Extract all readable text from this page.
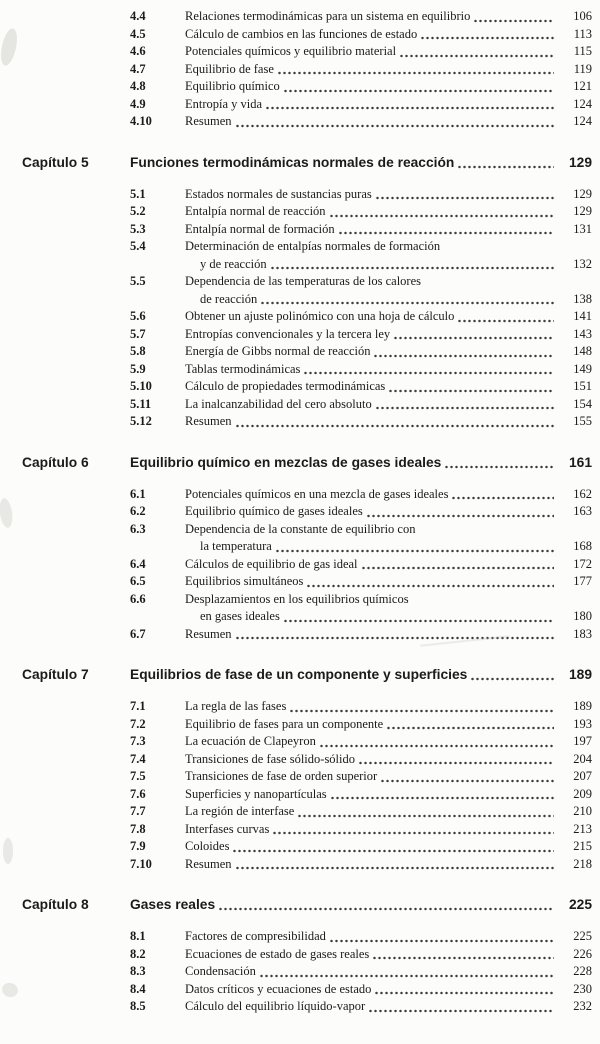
4.4	Relaciones termodinámicas para un sistema en equilibrio	106
4.5	Cálculo de cambios en las funciones de estado	113
4.6	Potenciales químicos y equilibrio material	115
4.7	Equilibrio de fase	119
4.8	Equilibrio químico	121
4.9	Entropía y vida	124
4.10	Resumen	124
Capítulo 5	Funciones termodinámicas normales de reacción	129
5.1	Estados normales de sustancias puras	129
5.2	Entalpía normal de reacción	129
5.3	Entalpía normal de formación	131
5.4	Determinación de entalpías normales de formación
y de reacción	132
5.5	Dependencia de las temperaturas de los calores
de reacción	138
5.6	Obtener un ajuste polinómico con una hoja de cálculo	141
5.7	Entropías convencionales y la tercera ley	143
5.8	Energía de Gibbs normal de reacción	148
5.9	Tablas termodinámicas	149
5.10	Cálculo de propiedades termodinámicas	151
5.11	La inalcanzabilidad del cero absoluto	154
5.12	Resumen	155
Capítulo 6	Equilibrio químico en mezclas de gases ideales	161
6.1	Potenciales químicos en una mezcla de gases ideales	162
6.2	Equilibrio químico de gases ideales	163
6.3	Dependencia de la constante de equilibrio con
la temperatura	168
6.4	Cálculos de equilibrio de gas ideal	172
6.5	Equilibrios simultáneos	177
6.6	Desplazamientos en los equilibrios químicos
en gases ideales	180
6.7	Resumen	183
Capítulo 7	Equilibrios de fase de un componente y superficies	189
7.1	La regla de las fases	189
7.2	Equilibrio de fases para un componente	193
7.3	La ecuación de Clapeyron	197
7.4	Transiciones de fase sólido-sólido	204
7.5	Transiciones de fase de orden superior	207
7.6	Superficies y nanopartículas	209
7.7	La región de interfase	210
7.8	Interfases curvas	213
7.9	Coloides	215
7.10	Resumen	218
Capítulo 8	Gases reales	225
8.1	Factores de compresibilidad	225
8.2	Ecuaciones de estado de gases reales	226
8.3	Condensación	228
8.4	Datos críticos y ecuaciones de estado	230
8.5	Cálculo del equilibrio líquido-vapor	232
